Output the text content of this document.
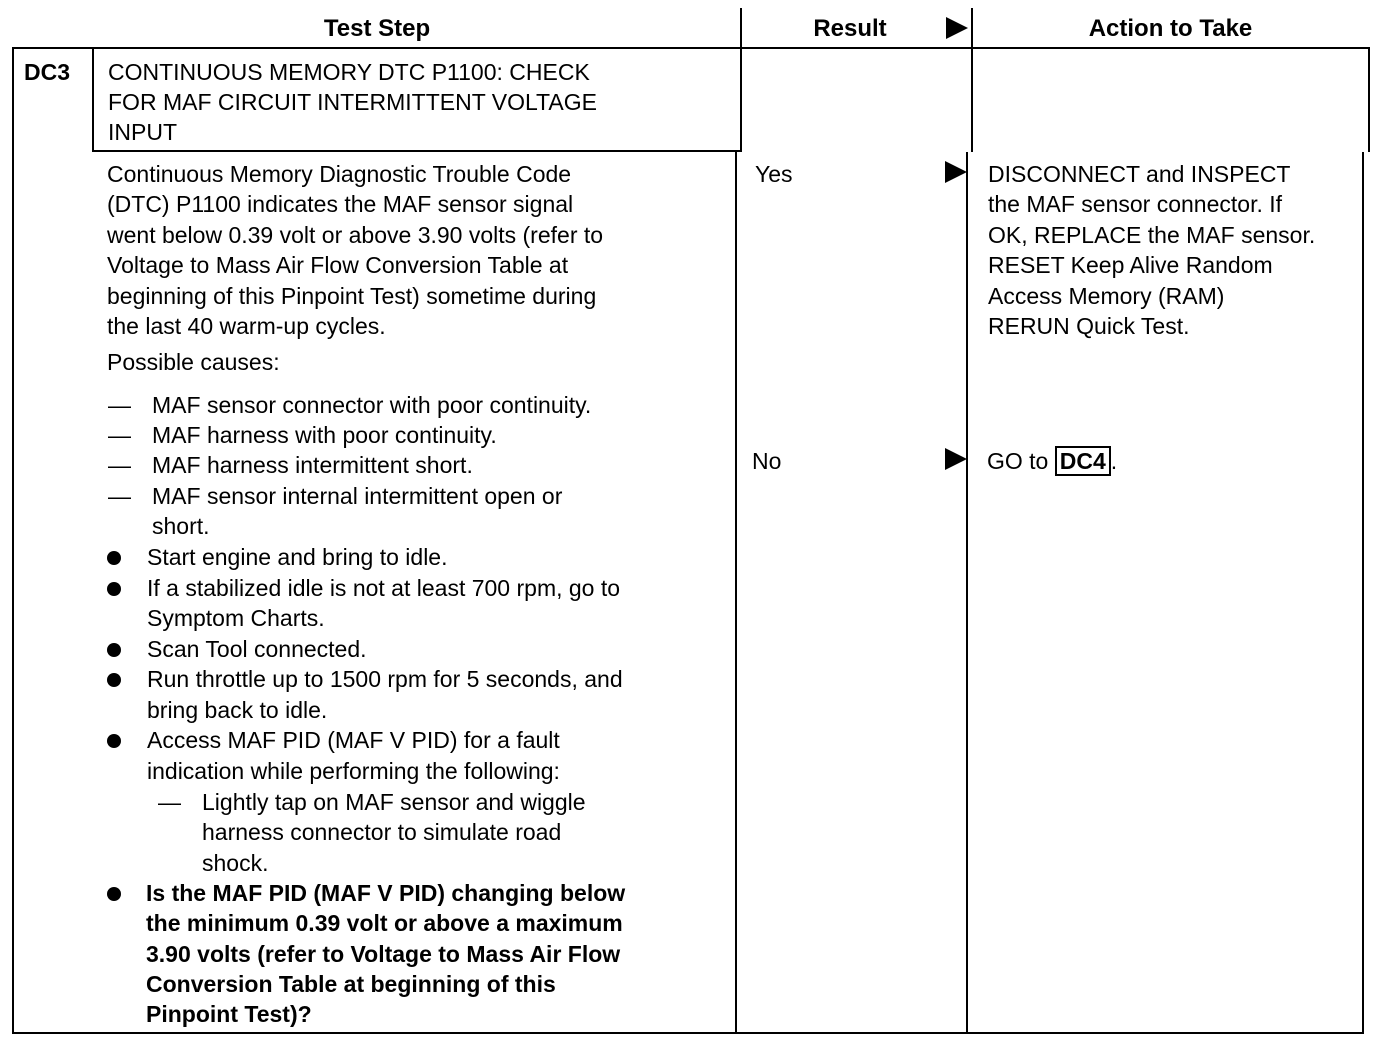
Test Step	Result	Action to Take
DC3 CONTINUOUS MEMORY DTC P1100: CHECK
FOR MAF CIRCUIT INTERMITTENT VOLTAGE
INPUT
Continuous Memory Diagnostic Trouble Code
(DTC) P1100 indicates the MAF sensor signal
went below 0.39 volt or above 3.90 volts (refer to
Voltage to Mass Air Flow Conversion Table at
beginning of this Pinpoint Test) sometime during
the last 40 warm-up cycles.
Possible causes:
— MAF sensor connector with poor continuity.
— MAF harness with poor continuity.
— MAF harness intermittent short.
— MAF sensor internal intermittent open or
short.
Start engine and bring to idle.
If a stabilized idle is not at least 700 rpm, go to
Symptom Charts.
Scan Tool connected.
Run throttle up to 1500 rpm for 5 seconds, and
bring back to idle.
Access MAF PID (MAF V PID) for a fault
indication while performing the following:
— Lightly tap on MAF sensor and wiggle
harness connector to simulate road
shock.
Is the MAF PID (MAF V PID) changing below
the minimum 0.39 volt or above a maximum
3.90 volts (refer to Voltage to Mass Air Flow
Conversion Table at beginning of this
Pinpoint Test)?
Yes	DISCONNECT and INSPECT
the MAF sensor connector. If
OK, REPLACE the MAF sensor.
RESET Keep Alive Random
Access Memory (RAM)
RERUN Quick Test.
No	GO to DC4 .
